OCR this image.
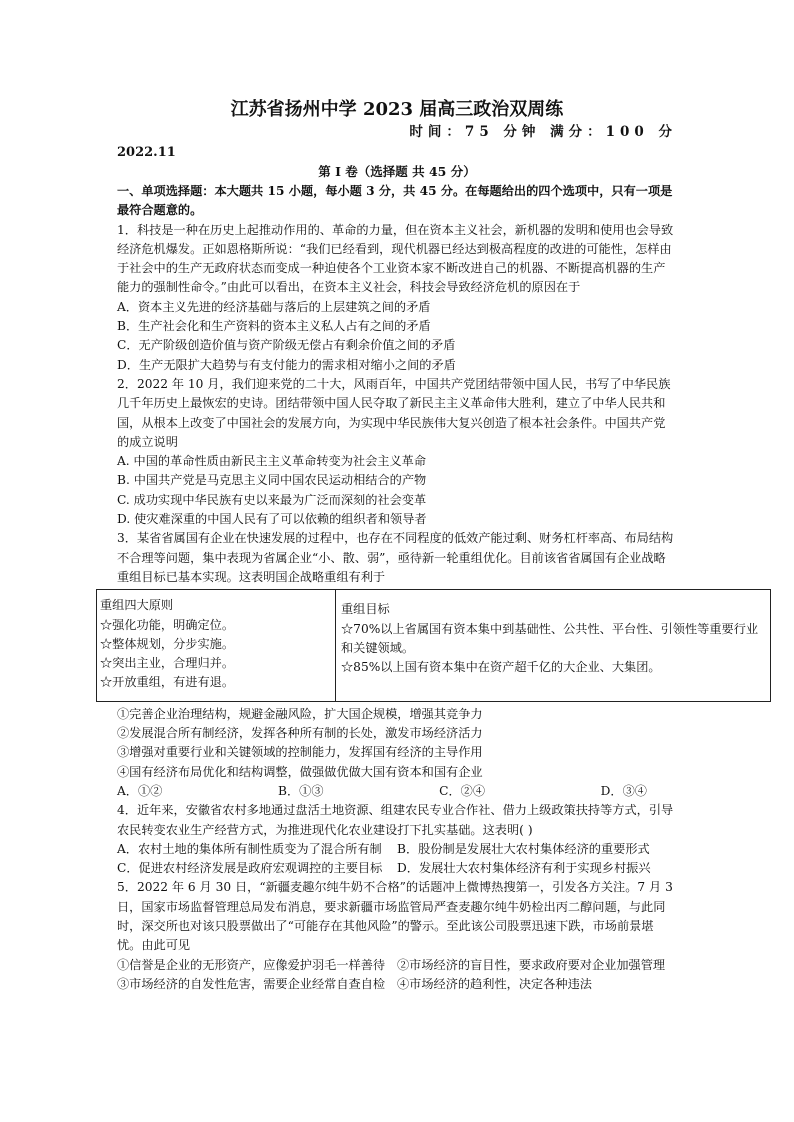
江苏省扬州中学 2023 届高三政治双周练
时间：75 分钟 满分：100 分
2022.11
第 Ⅰ 卷（选择题 共 45 分）

一、单项选择题：本大题共 15 小题，每小题 3 分，共 45 分。在每题给出的四个选项中，只有一项是最符合题意的。

1．科技是一种在历史上起推动作用的、革命的力量，但在资本主义社会，新机器的发明和使用也会导致经济危机爆发。正如恩格斯所说：“我们已经看到，现代机器已经达到极高程度的改进的可能性，怎样由于社会中的生产无政府状态而变成一种迫使各个工业资本家不断改进自己的机器、不断提高机器的生产能力的强制性命令。”由此可以看出，在资本主义社会，科技会导致经济危机的原因在于

A．资本主义先进的经济基础与落后的上层建筑之间的矛盾

B．生产社会化和生产资料的资本主义私人占有之间的矛盾

C．无产阶级创造价值与资产阶级无偿占有剩余价值之间的矛盾

D．生产无限扩大趋势与有支付能力的需求相对缩小之间的矛盾

2．2022 年 10 月，我们迎来党的二十大，风雨百年，中国共产党团结带领中国人民，书写了中华民族几千年历史上最恢宏的史诗。团结带领中国人民夺取了新民主主义革命伟大胜利，建立了中华人民共和国，从根本上改变了中国社会的发展方向，为实现中华民族伟大复兴创造了根本社会条件。中国共产党的成立说明

A. 中国的革命性质由新民主主义革命转变为社会主义革命

B. 中国共产党是马克思主义同中国农民运动相结合的产物

C. 成功实现中华民族有史以来最为广泛而深刻的社会变革

D. 使灾难深重的中国人民有了可以依赖的组织者和领导者

3．某省省属国有企业在快速发展的过程中，也存在不同程度的低效产能过剩、财务杠杆率高、布局结构不合理等问题，集中表现为省属企业“小、散、弱”，亟待新一轮重组优化。目前该省省属国有企业战略重组目标已基本实现。这表明国企战略重组有利于

重组四大原则

☆强化功能，明确定位。

☆整体规划，分步实施。

☆突出主业，合理归并。

☆开放重组，有进有退。

重组目标

☆70%以上省属国有资本集中到基础性、公共性、平台性、引领性等重要行业和关键领域。

☆85%以上国有资本集中在资产超千亿的大企业、大集团。

①完善企业治理结构，规避金融风险，扩大国企规模，增强其竞争力

②发展混合所有制经济，发挥各种所有制的长处，激发市场经济活力

③增强对重要行业和关键领域的控制能力，发挥国有经济的主导作用

④国有经济布局优化和结构调整，做强做优做大国有资本和国有企业

A．①②	B．①③	C．②④	D．③④

4．近年来，安徽省农村多地通过盘活土地资源、组建农民专业合作社、借力上级政策扶持等方式，引导农民转变农业生产经营方式，为推进现代化农业建设打下扎实基础。这表明( )

A．农村土地的集体所有制性质变为了混合所有制	B．股份制是发展壮大农村集体经济的重要形式
C．促进农村经济发展是政府宏观调控的主要目标	D．发展壮大农村集体经济有利于实现乡村振兴

5．2022 年 6 月 30 日，“新疆麦趣尔纯牛奶不合格”的话题冲上微博热搜第一，引发各方关注。7 月 3 日，国家市场监督管理总局发布消息，要求新疆市场监管局严查麦趣尔纯牛奶检出丙二醇问题，与此同时，深交所也对该只股票做出了“可能存在其他风险”的警示。至此该公司股票迅速下跌，市场前景堪忧。由此可见

①信誉是企业的无形资产，应像爱护羽毛一样善待 ②市场经济的盲目性，要求政府要对企业加强管理
③市场经济的自发性危害，需要企业经常自查自检 ④市场经济的趋利性，决定各种违法
